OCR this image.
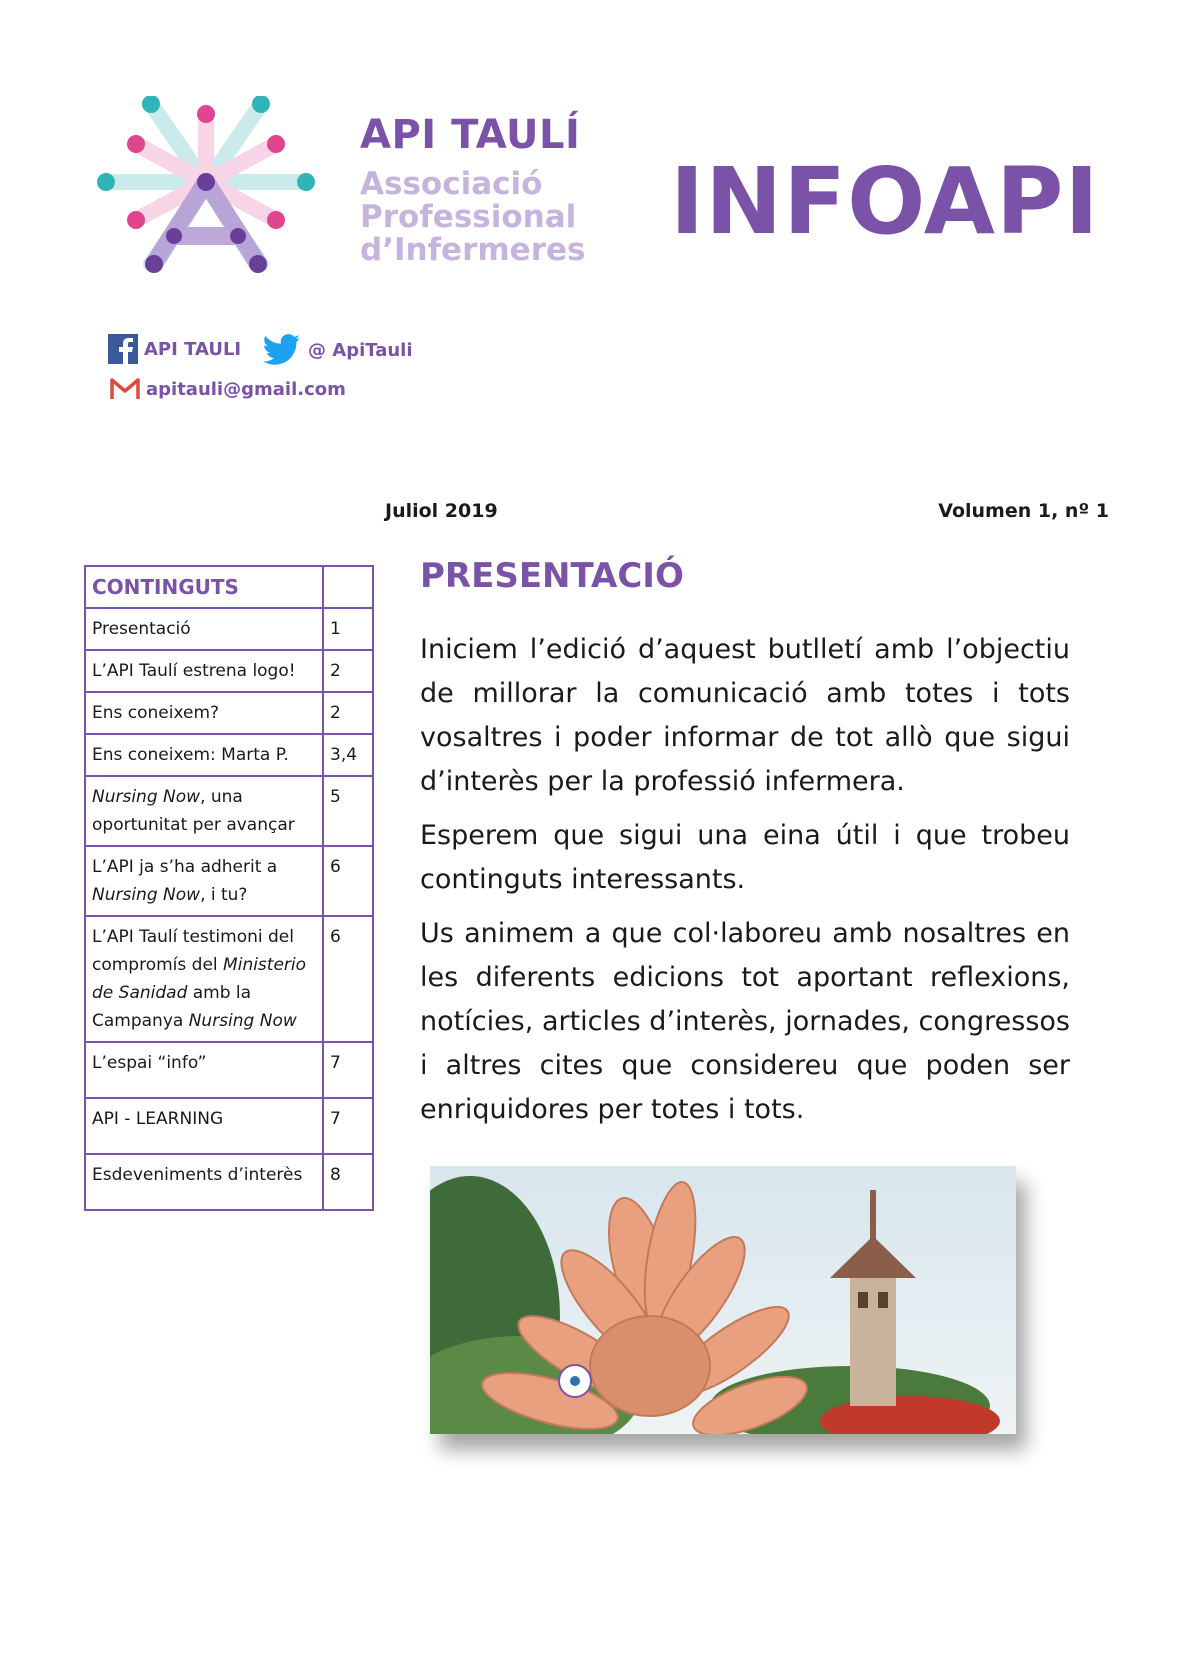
API TAULÍ
Associació
Professional
d’Infermeres INFOAPI
API TAULI	@ ApiTauli
apitauli@gmail.com
Juliol 2019	Volumen 1, nº 1
CONTINGUTS	
Presentació	1
L’API Taulí estrena logo!	2
Ens coneixem?	2
Ens coneixem: Marta P.	3,4
Nursing Now, una oportunitat per avançar	5
L’API ja s’ha adherit a Nursing Now, i tu?	6
L’API Taulí testimoni del compromís del Ministerio de Sanidad amb la Campanya Nursing Now	6
L’espai “info”	7
API - LEARNING	7
Esdeveniments d’interès	8
PRESENTACIÓ

Iniciem l’edició d’aquest butlletí amb l’objectiu de millorar la comunicació amb totes i tots vosaltres i poder informar de tot allò que sigui d’interès per la professió infermera.

Esperem que sigui una eina útil i que trobeu continguts interessants.

Us animem a que col·laboreu amb nosaltres en les diferents edicions tot aportant reflexions, notícies, articles d’interès, jornades, congressos i altres cites que considereu que poden ser enriquidores per totes i tots.
